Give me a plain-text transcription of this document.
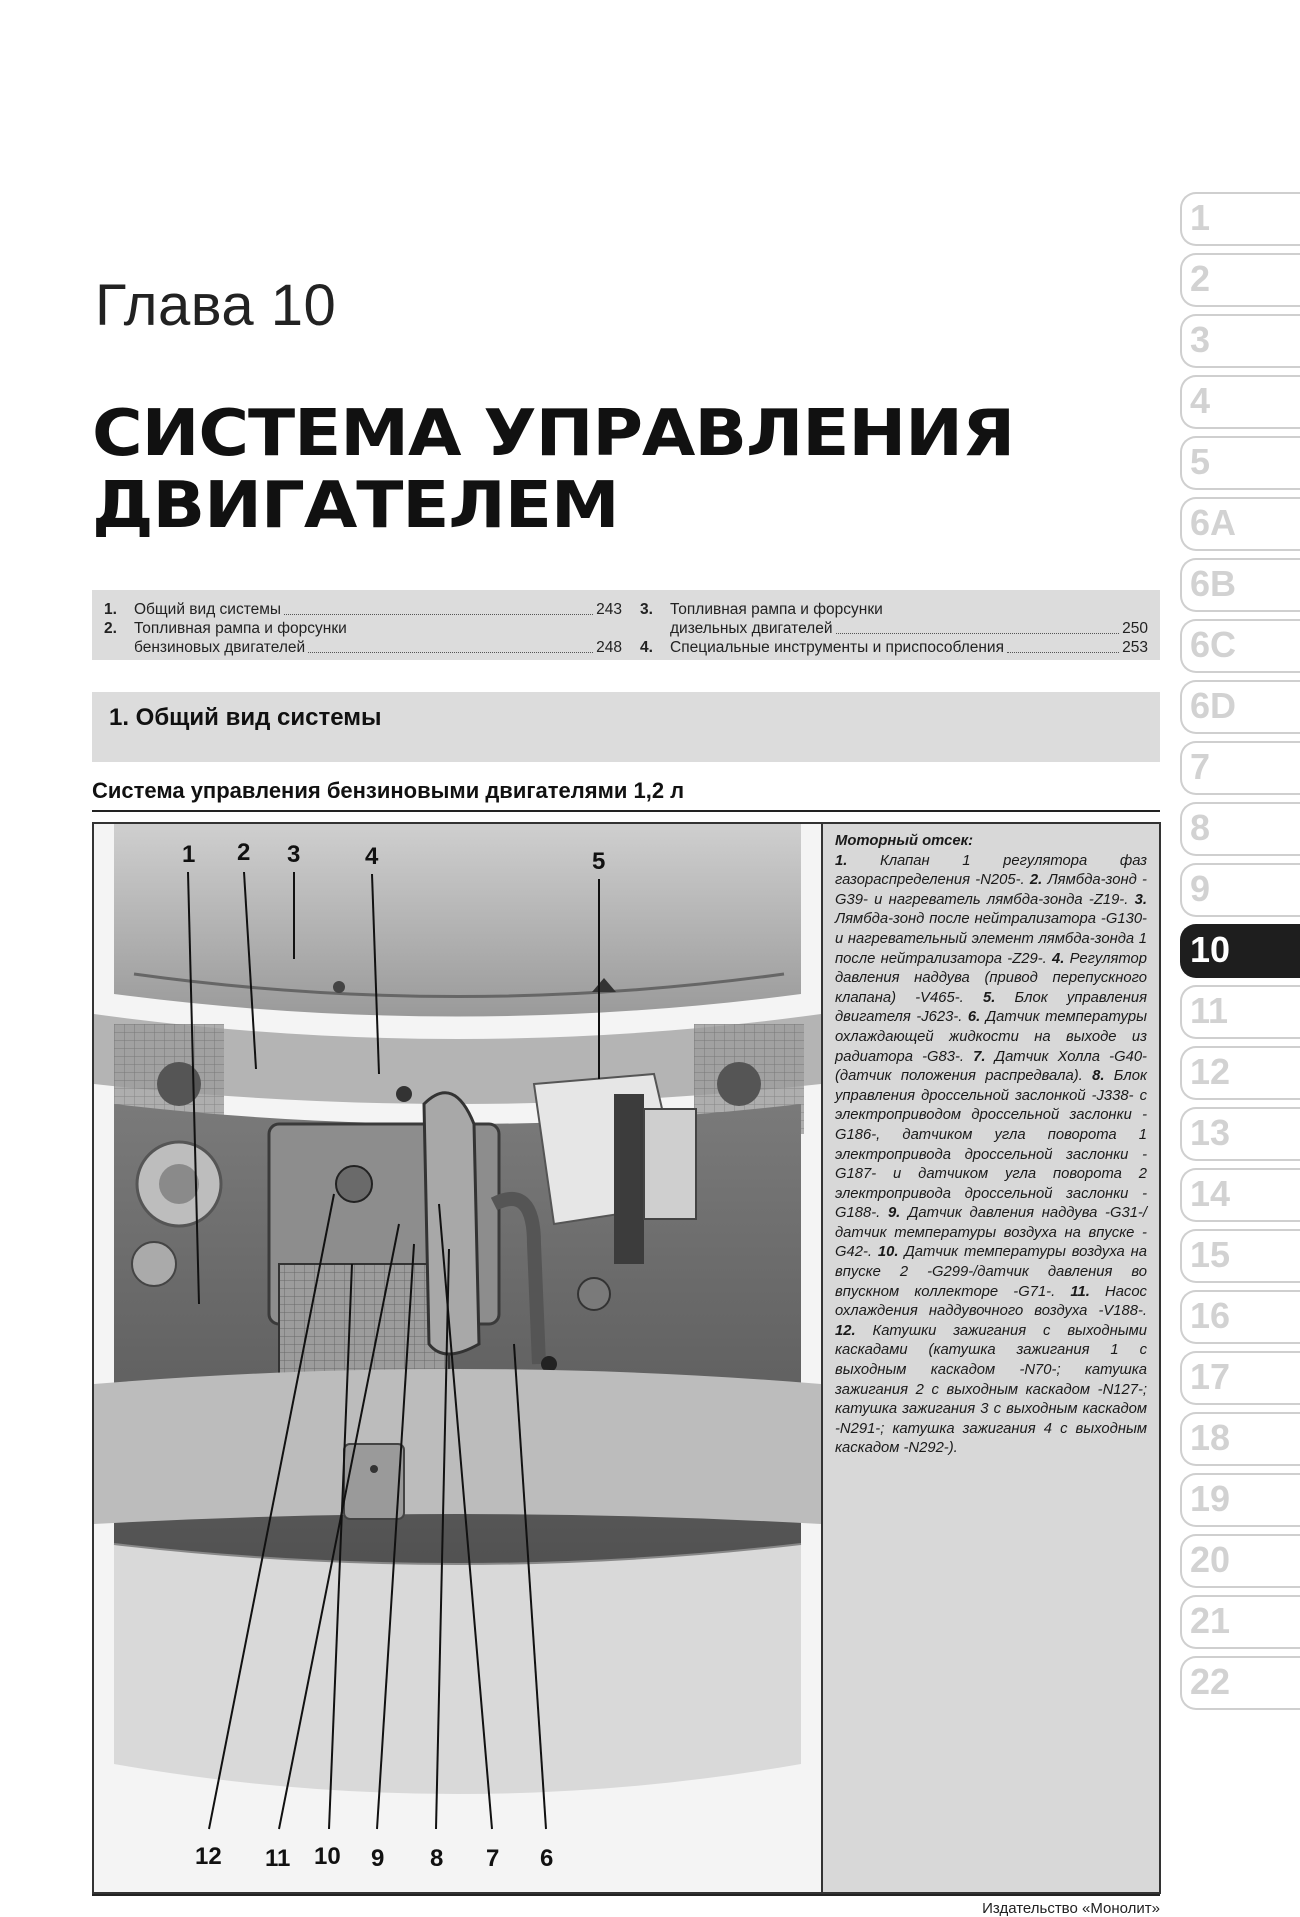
Глава 10
СИСТЕМА УПРАВЛЕНИЯ
ДВИГАТЕЛЕМ
1.	Общий вид системы	243
2.	Топливная рампа и форсунки
бензиновых двигателей	248
3.	Топливная рампа и форсунки
дизельных двигателей	250
4.	Специальные инструменты и приспособления	253
1. Общий вид системы
Система управления бензиновыми двигателями 1,2 л
1 2 3	4	5
12 11 10 9 8 7 6
Моторный отсек:
1. Клапан 1 регулятора фаз газораспределения -N205-. 2. Лямбда-зонд -G39- и нагреватель лямбда-зонда -Z19-. 3. Лямбда-зонд после нейтрализатора -G130- и нагревательный элемент лямбда-зонда 1 после нейтрализатора -Z29-. 4. Регулятор давления наддува (привод перепускного клапана) -V465-. 5. Блок управления двигателя -J623-. 6. Датчик температуры охлаждающей жидкости на выходе из радиатора -G83-. 7. Датчик Холла -G40- (датчик положения распредвала). 8. Блок управления дроссельной заслонкой -J338- с электроприводом дроссельной заслонки -G186-, датчиком угла поворота 1 электропривода дроссельной заслонки -G187- и датчиком угла поворота 2 электропривода дроссельной заслонки -G188-. 9. Датчик давления наддува -G31-/ датчик температуры воздуха на впуске -G42-. 10. Датчик температуры воздуха на впуске 2 -G299-/датчик давления во впускном коллекторе -G71-. 11. Насос охлаждения наддувочного воздуха -V188-. 12. Катушки зажигания с выходными каскадами (катушка зажигания 1 с выходным каскадом -N70-; катушка зажигания 2 с выходным каскадом -N127-; катушка зажигания 3 с выходным каскадом -N291-; катушка зажигания 4 с выходным каскадом -N292-).
Издательство «Монолит»
1
2
3
4
5
6A
6B
6C
6D
7
8
9
10
11
12
13
14
15
16
17
18
19
20
21
22
